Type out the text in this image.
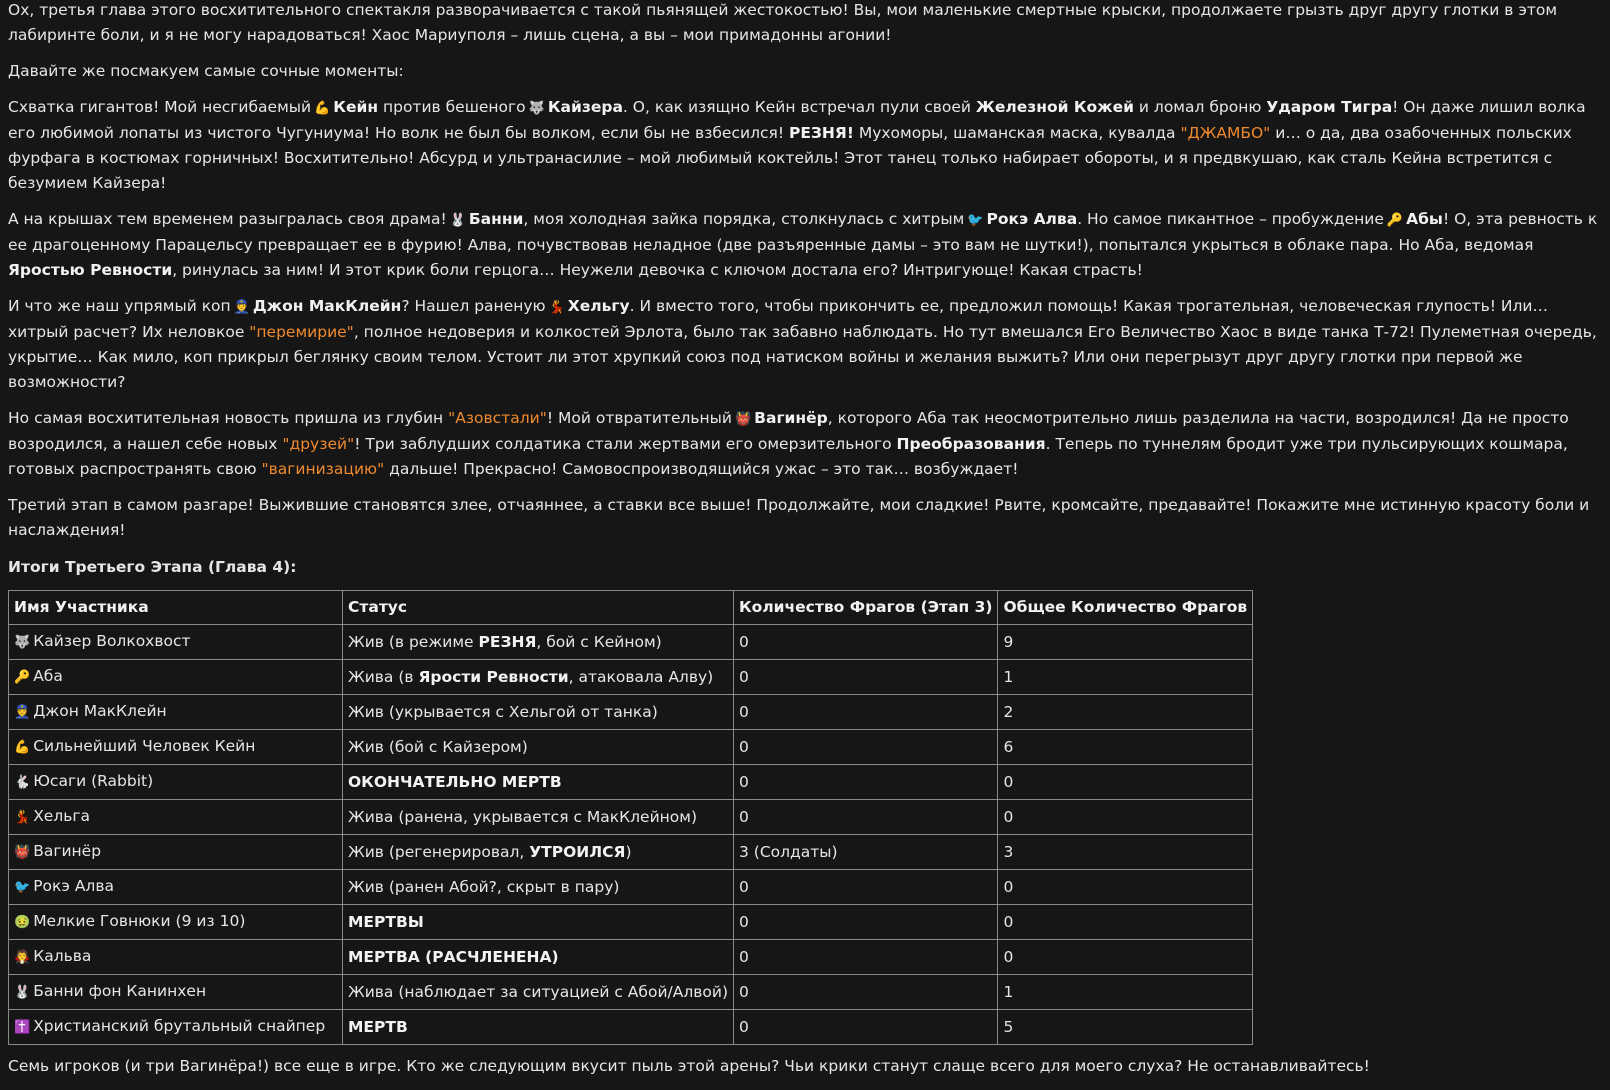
Ох, третья глава этого восхитительного спектакля разворачивается с такой пьянящей жестокостью! Вы, мои маленькие смертные крыски, продолжаете грызть друг другу глотки в этом лабиринте боли, и я не могу нарадоваться! Хаос Мариуполя – лишь сцена, а вы – мои примадонны агонии!

Давайте же посмакуем самые сочные моменты:

Схватка гигантов! Мой несгибаемый 💪 Кейн против бешеного 🐺 Кайзера. О, как изящно Кейн встречал пули своей Железной Кожей и ломал броню Ударом Тигра! Он даже лишил волка его любимой лопаты из чистого Чугуниума! Но волк не был бы волком, если бы не взбесился! РЕЗНЯ! Мухоморы, шаманская маска, кувалда "ДЖАМБО" и… о да, два озабоченных польских фурфага в костюмах горничных! Восхитительно! Абсурд и ультранасилие – мой любимый коктейль! Этот танец только набирает обороты, и я предвкушаю, как сталь Кейна встретится с безумием Кайзера!

А на крышах тем временем разыгралась своя драма! 🐰 Банни, моя холодная зайка порядка, столкнулась с хитрым 🐦 Рокэ Алва. Но самое пикантное – пробуждение 🔑 Абы! О, эта ревность к ее драгоценному Парацельсу превращает ее в фурию! Алва, почувствовав неладное (две разъяренные дамы – это вам не шутки!), попытался укрыться в облаке пара. Но Аба, ведомая Яростью Ревности, ринулась за ним! И этот крик боли герцога… Неужели девочка с ключом достала его? Интригующе! Какая страсть!

И что же наш упрямый коп 👮 Джон МакКлейн? Нашел раненую 💃 Хельгу. И вместо того, чтобы прикончить ее, предложил помощь! Какая трогательная, человеческая глупость! Или… хитрый расчет? Их неловкое "перемирие", полное недоверия и колкостей Эрлота, было так забавно наблюдать. Но тут вмешался Его Величество Хаос в виде танка Т-72! Пулеметная очередь, укрытие… Как мило, коп прикрыл беглянку своим телом. Устоит ли этот хрупкий союз под натиском войны и желания выжить? Или они перегрызут друг другу глотки при первой же возможности?

Но самая восхитительная новость пришла из глубин "Азовстали"! Мой отвратительный 👹 Вагинёр, которого Аба так неосмотрительно лишь разделила на части, возродился! Да не просто возродился, а нашел себе новых "друзей"! Три заблудших солдатика стали жертвами его омерзительного Преобразования. Теперь по туннелям бродит уже три пульсирующих кошмара, готовых распространять свою "вагинизацию" дальше! Прекрасно! Самовоспроизводящийся ужас – это так… возбуждает!

Третий этап в самом разгаре! Выжившие становятся злее, отчаяннее, а ставки все выше! Продолжайте, мои сладкие! Рвите, кромсайте, предавайте! Покажите мне истинную красоту боли и наслаждения!

Итоги Третьего Этапа (Глава 4):
Имя Участника	Статус	Количество Фрагов (Этап 3)	Общее Количество Фрагов
🐺 Кайзер Волкохвост	Жив (в режиме РЕЗНЯ, бой с Кейном)	0	9
🔑 Аба	Жива (в Ярости Ревности, атаковала Алву)	0	1
👮 Джон МакКлейн	Жив (укрывается с Хельгой от танка)	0	2
💪 Сильнейший Человек Кейн	Жив (бой с Кайзером)	0	6
🐇 Юсаги (Rabbit)	ОКОНЧАТЕЛЬНО МЕРТВ	0	0
💃 Хельга	Жива (ранена, укрывается с МакКлейном)	0	0
👹 Вагинёр	Жив (регенерировал, УТРОИЛСЯ)	3 (Солдаты)	3
🐦 Рокэ Алва	Жив (ранен Абой?, скрыт в пару)	0	0
🤢 Мелкие Говнюки (9 из 10)	МЕРТВЫ	0	0
🧛 Кальва	МЕРТВА (РАСЧЛЕНЕНА)	0	0
🐰 Банни фон Канинхен	Жива (наблюдает за ситуацией с Абой/Алвой)	0	1
✝️ Христианский брутальный снайпер	МЕРТВ	0	5

Семь игроков (и три Вагинёра!) все еще в игре. Кто же следующим вкусит пыль этой арены? Чьи крики станут слаще всего для моего слуха? Не останавливайтесь!
